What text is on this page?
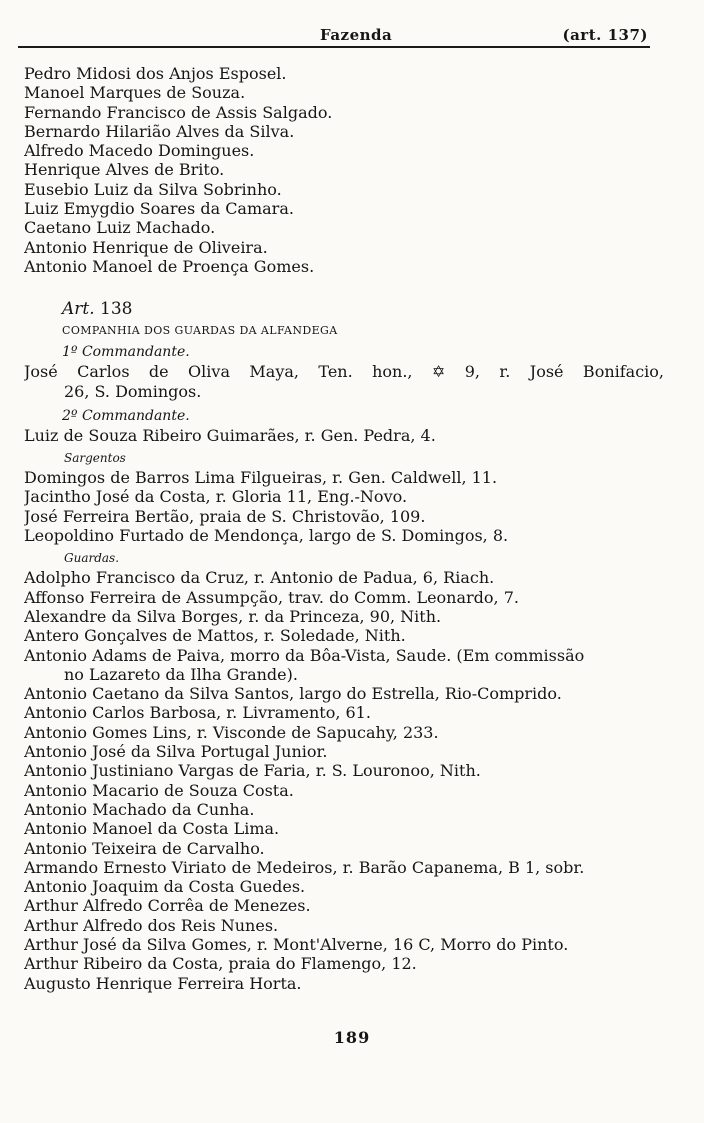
Fazenda	(art. 137)
Pedro Midosi dos Anjos Esposel.
Manoel Marques de Souza.
Fernando Francisco de Assis Salgado.
Bernardo Hilarião Alves da Silva.
Alfredo Macedo Domingues.
Henrique Alves de Brito.
Eusebio Luiz da Silva Sobrinho.
Luiz Emygdio Soares da Camara.
Caetano Luiz Machado.
Antonio Henrique de Oliveira.
Antonio Manoel de Proença Gomes.
Art. 138
COMPANHIA DOS GUARDAS DA ALFANDEGA
1º Commandante.
José Carlos de Oliva Maya, Ten. hon., ✡ 9, r. José Bonifacio,
26, S. Domingos.
2º Commandante.
Luiz de Souza Ribeiro Guimarães, r. Gen. Pedra, 4.
Sargentos
Domingos de Barros Lima Filgueiras, r. Gen. Caldwell, 11.
Jacintho José da Costa, r. Gloria 11, Eng.-Novo.
José Ferreira Bertão, praia de S. Christovão, 109.
Leopoldino Furtado de Mendonça, largo de S. Domingos, 8.
Guardas.
Adolpho Francisco da Cruz, r. Antonio de Padua, 6, Riach.
Affonso Ferreira de Assumpção, trav. do Comm. Leonardo, 7.
Alexandre da Silva Borges, r. da Princeza, 90, Nith.
Antero Gonçalves de Mattos, r. Soledade, Nith.
Antonio Adams de Paiva, morro da Bôa-Vista, Saude. (Em commissão
no Lazareto da Ilha Grande).
Antonio Caetano da Silva Santos, largo do Estrella, Rio-Comprido.
Antonio Carlos Barbosa, r. Livramento, 61.
Antonio Gomes Lins, r. Visconde de Sapucahy, 233.
Antonio José da Silva Portugal Junior.
Antonio Justiniano Vargas de Faria, r. S. Louronoo, Nith.
Antonio Macario de Souza Costa.
Antonio Machado da Cunha.
Antonio Manoel da Costa Lima.
Antonio Teixeira de Carvalho.
Armando Ernesto Viriato de Medeiros, r. Barão Capanema, B 1, sobr.
Antonio Joaquim da Costa Guedes.
Arthur Alfredo Corrêa de Menezes.
Arthur Alfredo dos Reis Nunes.
Arthur José da Silva Gomes, r. Mont'Alverne, 16 C, Morro do Pinto.
Arthur Ribeiro da Costa, praia do Flamengo, 12.
Augusto Henrique Ferreira Horta.
189
